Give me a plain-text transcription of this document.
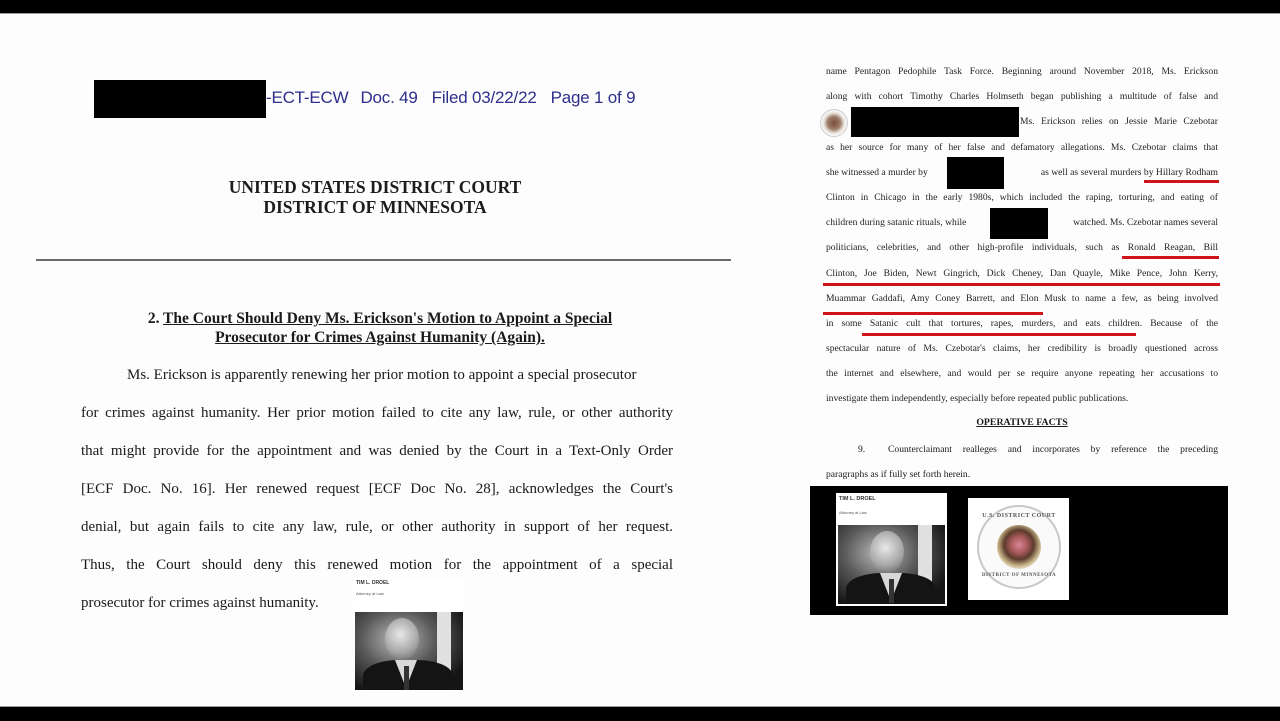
-ECT-ECW Doc. 49 Filed 03/22/22 Page 1 of 9
UNITED STATES DISTRICT COURT
DISTRICT OF MINNESOTA
2. The Court Should Deny Ms. Erickson's Motion to Appoint a Special
Prosecutor for Crimes Against Humanity (Again).
Ms. Erickson is apparently renewing her prior motion to appoint a special prosecutor
for crimes against humanity. Her prior motion failed to cite any law, rule, or other authority
that might provide for the appointment and was denied by the Court in a Text-Only Order
[ECF Doc. No. 16]. Her renewed request [ECF Doc No. 28], acknowledges the Court's
denial, but again fails to cite any law, rule, or other authority in support of her request.
Thus, the Court should deny this renewed motion for the appointment of a special
prosecutor for crimes against humanity.
TIM L. DROEL
Attorney at Law
name Pentagon Pedophile Task Force. Beginning around November 2018, Ms. Erickson
along with cohort Timothy Charles Holmseth began publishing a multitude of false and
Ms. Erickson relies on Jessie Marie Czebotar
as her source for many of her false and defamatory allegations. Ms. Czebotar claims that
she witnessed a murder by	as well as several murders by Hillary Rodham
Clinton in Chicago in the early 1980s, which included the raping, torturing, and eating of
children during satanic rituals, while	watched. Ms. Czebotar names several
politicians, celebrities, and other high-profile individuals, such as Ronald Reagan, Bill
Clinton, Joe Biden, Newt Gingrich, Dick Cheney, Dan Quayle, Mike Pence, John Kerry,
Muammar Gaddafi, Amy Coney Barrett, and Elon Musk to name a few, as being involved
in some Satanic cult that tortures, rapes, murders, and eats children. Because of the
spectacular nature of Ms. Czebotar's claims, her credibility is broadly questioned across
the internet and elsewhere, and would per se require anyone repeating her accusations to
investigate them independently, especially before repeated public publications.
OPERATIVE FACTS
9. Counterclaimant realleges and incorporates by reference the preceding
paragraphs as if fully set forth herein.
TIM L. DROEL
Attorney at Law
U.S. DISTRICT COURT
DISTRICT OF MINNESOTA
